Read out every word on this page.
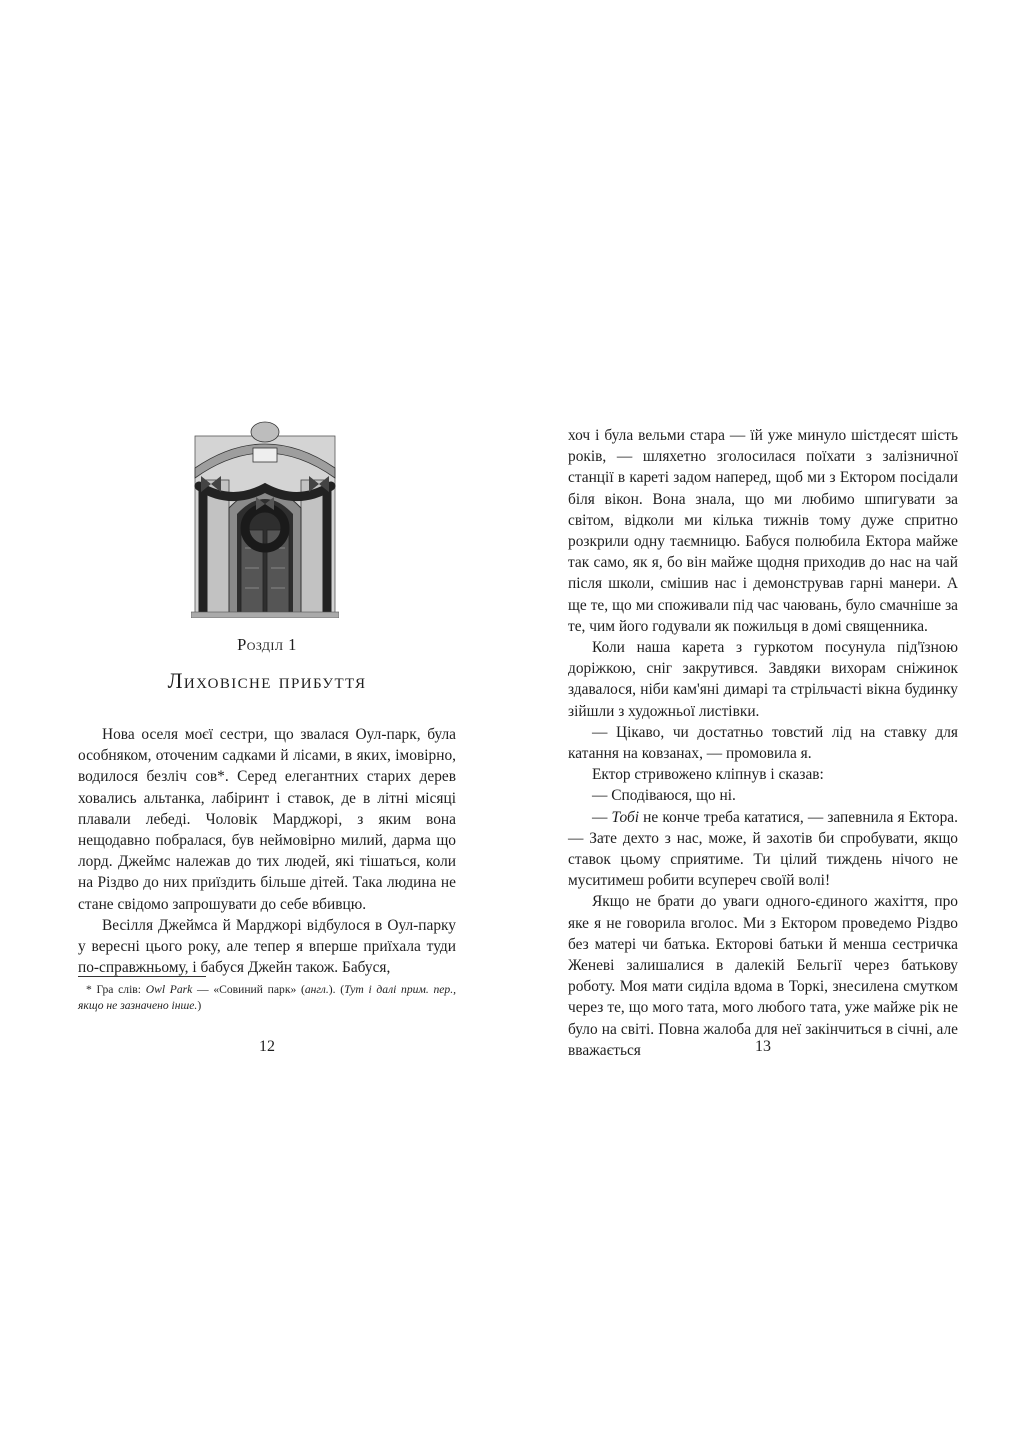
Розділ 1
Лиховісне прибуття

Нова оселя моєї сестри, що звалася Оул-парк, була особняком, оточеним садками й лісами, в яких, імовірно, водилося безліч сов*. Серед елегантних старих дерев ховались альтанка, лабіринт і ставок, де в літні місяці плавали лебеді. Чоловік Марджорі, з яким вона нещодавно побралася, був неймовірно милий, дарма що лорд. Джеймс належав до тих людей, які тішаться, коли на Різдво до них приїздить більше дітей. Така людина не стане свідомо запрошувати до себе вбивцю.

Весілля Джеймса й Марджорі відбулося в Оул-парку у вересні цього року, але тепер я вперше приїхала туди по-справжньому, і бабуся Джейн також. Бабуся,

* Гра слів: Owl Park — «Совиний парк» (англ.). (Тут і далі прим. пер., якщо не зазначено інше.)
12

хоч і була вельми стара — їй уже минуло шістдесят шість років, — шляхетно зголосилася поїхати з залізничної станції в кареті задом наперед, щоб ми з Ектором посідали біля вікон. Вона знала, що ми любимо шпигувати за світом, відколи ми кілька тижнів тому дуже спритно розкрили одну таємницю. Бабуся полюбила Ектора майже так само, як я, бо він майже щодня приходив до нас на чай після школи, смішив нас і демонстрував гарні манери. А ще те, що ми споживали під час чаювань, було смачніше за те, чим його годували як пожильця в домі священника.

Коли наша карета з гуркотом посунула під'їзною доріжкою, сніг закрутився. Завдяки вихорам сніжинок здавалося, ніби кам'яні димарі та стрільчасті вікна будинку зійшли з художньої листівки.

— Цікаво, чи достатньо товстий лід на ставку для катання на ковзанах, — промовила я.

Ектор стривожено кліпнув і сказав:

— Сподіваюся, що ні.

— Тобі не конче треба кататися, — запевнила я Ектора. — Зате дехто з нас, може, й захотів би спробувати, якщо ставок цьому сприятиме. Ти цілий тиждень нічого не муситимеш робити всупереч своїй волі!

Якщо не брати до уваги одного-єдиного жахіття, про яке я не говорила вголос. Ми з Ектором проведемо Різдво без матері чи батька. Екторові батьки й менша сестричка Женеві залишалися в далекій Бельгії через батькову роботу. Моя мати сиділа вдома в Торкі, знесилена смутком через те, що мого тата, мого любого тата, уже майже рік не було на світі. Повна жалоба для неї закінчиться в січні, але вважається	13
